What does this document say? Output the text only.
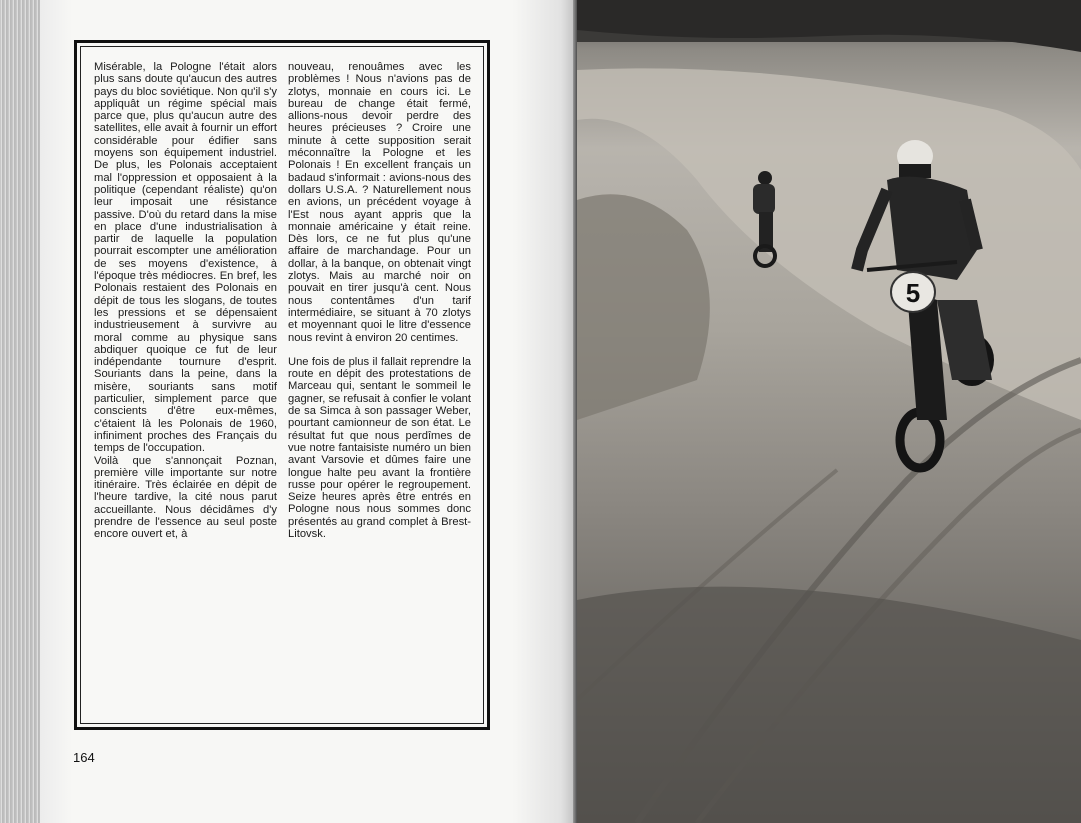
Misérable, la Pologne l'était alors plus sans doute qu'aucun des autres pays du bloc soviétique. Non qu'il s'y appliquât un régime spécial mais parce que, plus qu'aucun autre des satellites, elle avait à fournir un effort considérable pour édifier sans moyens son équipement industriel. De plus, les Polonais acceptaient mal l'oppression et opposaient à la politique (cependant réaliste) qu'on leur imposait une résistance passive. D'où du retard dans la mise en place d'une industrialisation à partir de laquelle la population pourrait escompter une amélioration de ses moyens d'existence, à l'époque très médiocres. En bref, les Polonais restaient des Polonais en dépit de tous les slogans, de toutes les pressions et se dépensaient industrieusement à survivre au moral comme au physique sans abdiquer quoique ce fut de leur indépendante tournure d'esprit. Souriants dans la peine, dans la misère, souriants sans motif particulier, simplement parce que conscients d'être eux-mêmes, c'étaient là les Polonais de 1960, infiniment proches des Français du temps de l'occupation.

Voilà que s'annonçait Poznan, première ville importante sur notre itinéraire. Très éclairée en dépit de l'heure tardive, la cité nous parut accueillante. Nous décidâmes d'y prendre de l'essence au seul poste encore ouvert et, à

nouveau, renouâmes avec les problèmes ! Nous n'avions pas de zlotys, monnaie en cours ici. Le bureau de change était fermé, allions-nous devoir perdre des heures précieuses ? Croire une minute à cette supposition serait méconnaître la Pologne et les Polonais ! En excellent français un badaud s'informait : avions-nous des dollars U.S.A. ? Naturellement nous en avions, un précédent voyage à l'Est nous ayant appris que la monnaie américaine y était reine. Dès lors, ce ne fut plus qu'une affaire de marchandage. Pour un dollar, à la banque, on obtenait vingt zlotys. Mais au marché noir on pouvait en tirer jusqu'à cent. Nous nous contentâmes d'un tarif intermédiaire, se situant à 70 zlotys et moyennant quoi le litre d'essence nous revint à environ 20 centimes.

Une fois de plus il fallait reprendre la route en dépit des protestations de Marceau qui, sentant le sommeil le gagner, se refusait à confier le volant de sa Simca à son passager Weber, pourtant camionneur de son état. Le résultat fut que nous perdîmes de vue notre fantaisiste numéro un bien avant Varsovie et dûmes faire une longue halte peu avant la frontière russe pour opérer le regroupement. Seize heures après être entrés en Pologne nous nous sommes donc présentés au grand complet à Brest-Litovsk.

164
5
